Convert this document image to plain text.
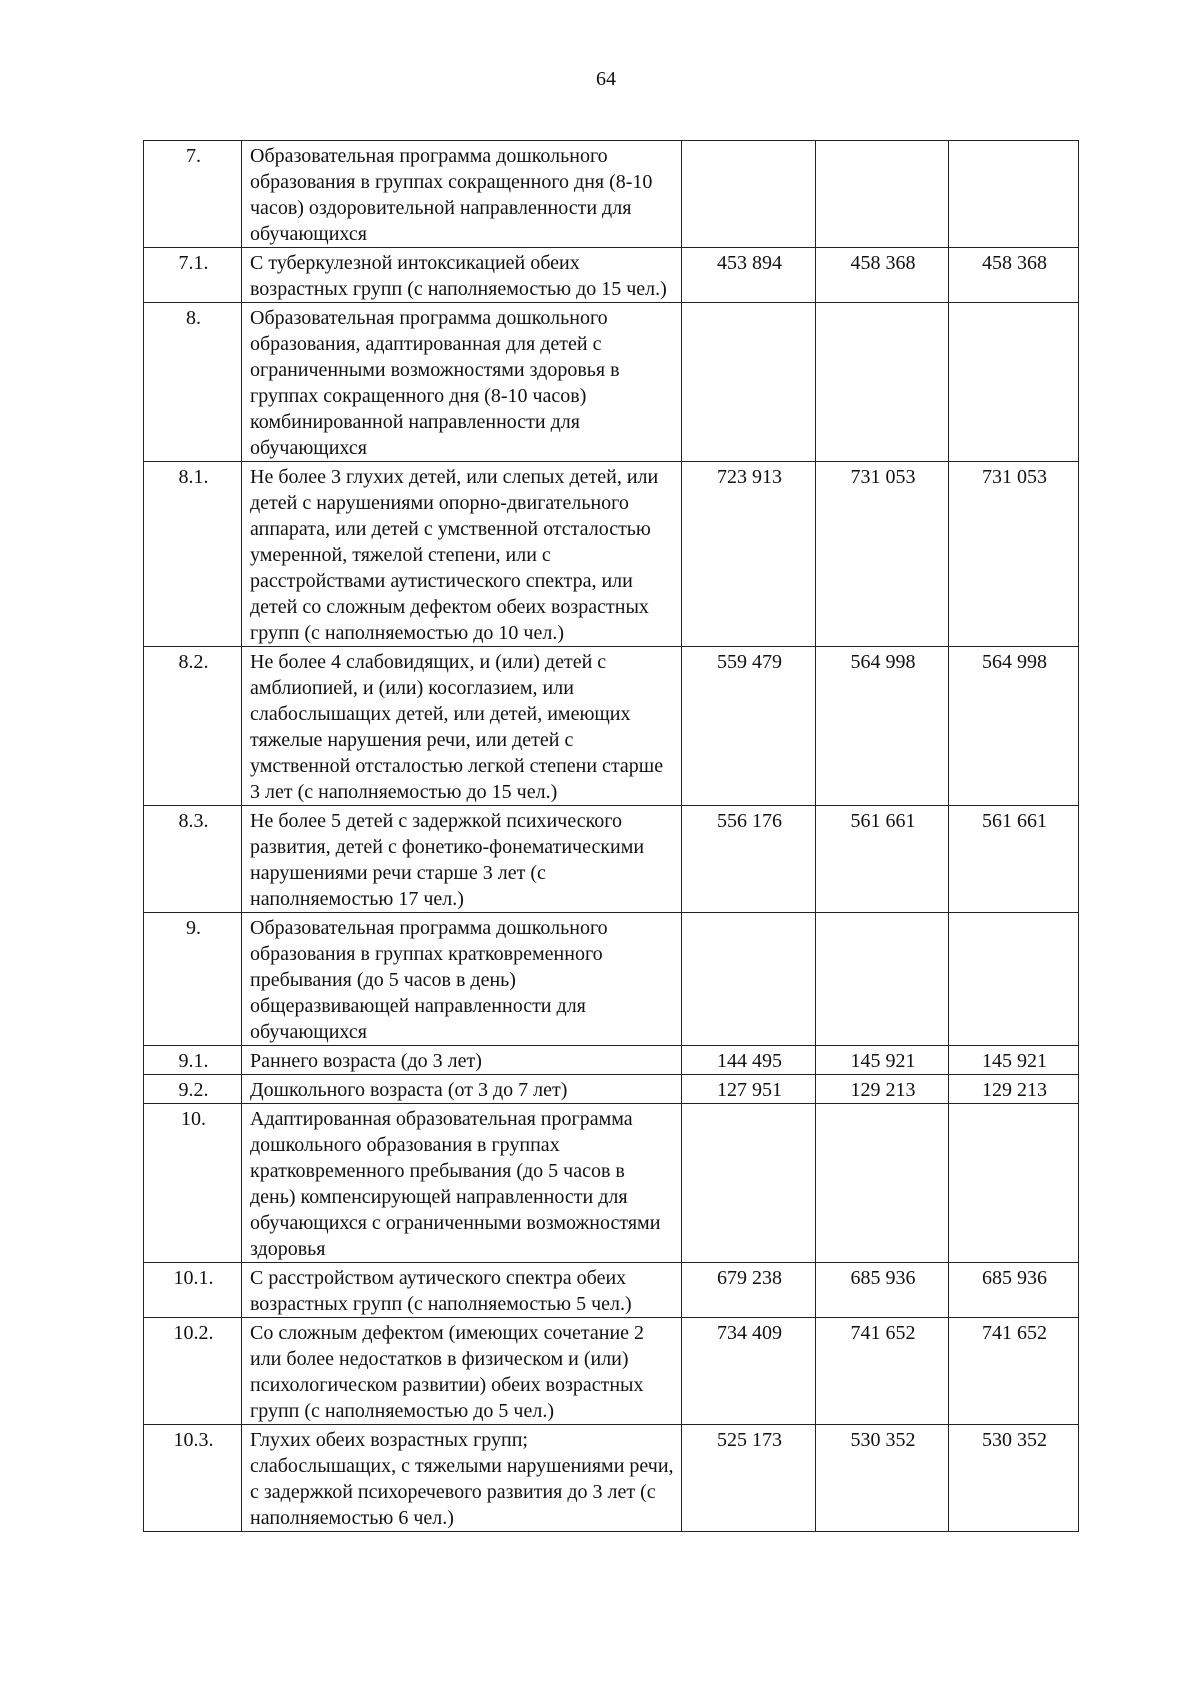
64
7.	Образовательная программа дошкольного образования в группах сокращенного дня (8-10 часов) оздоровительной направленности для обучающихся			
7.1.	С туберкулезной интоксикацией обеих возрастных групп (с наполняемостью до 15 чел.)	453 894	458 368	458 368
8.	Образовательная программа дошкольного образования, адаптированная для детей с ограниченными возможностями здоровья в группах сокращенного дня (8-10 часов) комбинированной направленности для обучающихся			
8.1.	Не более 3 глухих детей, или слепых детей, или детей с нарушениями опорно-двигательного аппарата, или детей с умственной отсталостью умеренной, тяжелой степени, или с расстройствами аутистического спектра, или детей со сложным дефектом обеих возрастных групп (с наполняемостью до 10 чел.)	723 913	731 053	731 053
8.2.	Не более 4 слабовидящих, и (или) детей с амблиопией, и (или) косоглазием, или слабослышащих детей, или детей, имеющих тяжелые нарушения речи, или детей с умственной отсталостью легкой степени старше 3 лет (с наполняемостью до 15 чел.)	559 479	564 998	564 998
8.3.	Не более 5 детей с задержкой психического развития, детей с фонетико-фонематическими нарушениями речи старше 3 лет (с наполняемостью 17 чел.)	556 176	561 661	561 661
9.	Образовательная программа дошкольного образования в группах кратковременного пребывания (до 5 часов в день) общеразвивающей направленности для обучающихся			
9.1.	Раннего возраста (до 3 лет)	144 495	145 921	145 921
9.2.	Дошкольного возраста (от 3 до 7 лет)	127 951	129 213	129 213
10.	Адаптированная образовательная программа дошкольного образования в группах кратковременного пребывания (до 5 часов в день) компенсирующей направленности для обучающихся с ограниченными возможностями здоровья			
10.1.	С расстройством аутического спектра обеих возрастных групп (с наполняемостью 5 чел.)	679 238	685 936	685 936
10.2.	Со сложным дефектом (имеющих сочетание 2 или более недостатков в физическом и (или) психологическом развитии) обеих возрастных групп (с наполняемостью до 5 чел.)	734 409	741 652	741 652
10.3.	Глухих обеих возрастных групп; слабослышащих, с тяжелыми нарушениями речи, с задержкой психоречевого развития до 3 лет (с наполняемостью 6 чел.)	525 173	530 352	530 352
